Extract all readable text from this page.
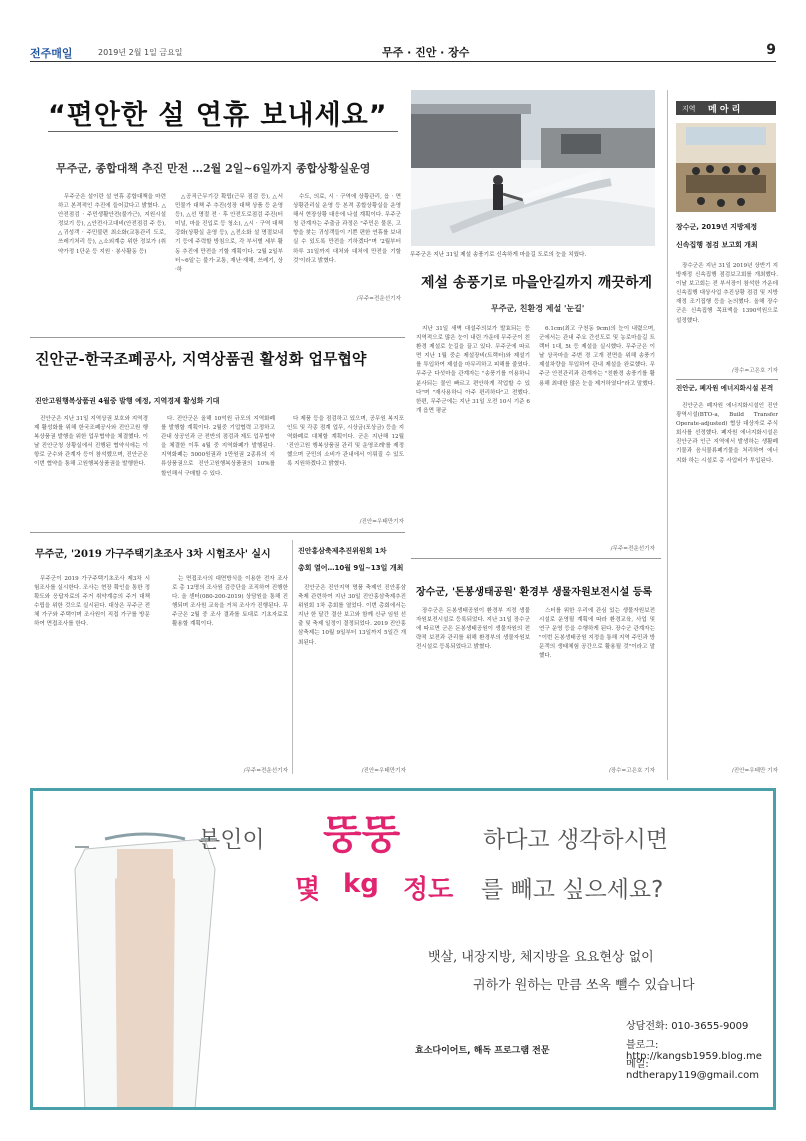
전주매일	2019년 2월 1일 금요일	무주 · 진안 · 장수	9
“편안한 설 연휴 보내세요”
무주군, 종합대책 추진 만전 …2월 2일~6일까지 종합상황실운영

무주군은 설이란 설 연휴 종합대책을 마련하고 본격적인 추진에 들어갔다고 밝혔다. △안전점검 · 주민생활안전(불가근), 지원시설 정보기 등), △안전사고대비(안전점검 주 등), △귀성객 · 주민불편 최소화(교통관리 도로, 쓰레기처리 등), △소외계층 위한 정보가 (취약가정 1단운 등 지원 · 봉사활동 등)

△공직근무기강 확립(근무 점검 등), △서민물가 대책 주 추진(성장 대책 상품 등 운영 등), △선 명절 전 · 후 안전도로점검 주진(터미널, 마을 진입로 등 청소), △시 · 구역 대책 강화(상황실 운영 등), △전소화 설 명절보내기 등에 주력할 방침으로, 각 부서별 세부 활동 추진에 만전을 기할 계획이다. '2월 2일부터~6일'는 불가·교통, 재난·재해, 쓰레기, 상·하

수도, 의료, 시 · 구역에 상황관리, 읍 · 면 상황관리실 운영 등 본격 종합상황실을 운영해서 현장상황 대응에 나설 계획이다. 무주군청 관계자는 주출금 과정은 "주민은 물론, 고향을 찾는 귀성객들이 기쁜 편한 연휴를 보내실 수 있도록 만전을 기하겠다"며 '2월부터 하루 31일까지 대처와 대처에 만전을 기할 것'이라고 밝혔다.

/무주=전운선기자
무주군은 지난 31일 제설 송풍기로 신속하게 마을길 도로의 눈을 치웠다.
제설 송풍기로 마을안길까지 깨끗하게
무주군, 친환경 제설 '눈길'

지난 31일 새벽 대설주의보가 발효되는 등 지역적으로 많은 눈이 내린 가운데 무주군이 친환경 제설로 눈길을 끌고 있다. 무주군에 따르면 지난 1월 중순 제설장비(트랙터)와 제설기를 투입하여 제설을 마무리하고 피해를 줄였다. 무주군 다섯마을 관계자는 "송풍기를 이용하니 분사되는 물인 빠르고 편안하게 작업할 수 있다"며 "재사용하니 아주 편리하다"고 전했다. 한편, 무주군에는 지난 31일 오전 10시 기준 6개 읍면 평균

6.1cm(최고 구천동 9cm)의 눈이 내렸으며, 군에서는 관내 주요 간선도로 및 농로마을길 트랙터 1대, 5t 등 제설을 실시했다. 무주군은 이날 상곡마을 주변 경 고개 전면을 위해 송풍기 제설차량을 투입하여 관내 제설을 완료했다. 무주군 안전관리과 관계자는 "친환경 송풍기를 활용해 최대한 많은 눈을 제거하였다"라고 말했다.

/무주=전운선기자
진안군-한국조폐공사, 지역상품권 활성화 업무협약
진안고원행복상품권 4월중 발행 예정, 지역경제 활성화 기대

진안군은 지난 31일 지역상권 보호와 지역경제 활성화를 위해 한국조폐공사와 진안고원 행복상품권 발행을 위한 업무협약을 체결했다. 이날 진안군청 상황실에서 진행된 협약식에는 이항로 군수와 관계자 등이 참석했으며, 진안군은 이번 협약을 통해 고원행복상품권을 발행한다.

다. 진안군은 올해 10억원 규모의 지역화폐를 발행할 계획이다. 2월중 기업협력 고정하고 관내 상공인과 군 전반의 점검과 제도 업무협약을 체결한 이후 4월 중 지역화폐가 발행된다. 지역화폐는 5000원권과 1만원권 2종류의 지류상품권으로 진안고원행복상품권의 10%를 할인해서 구매할 수 있다.

다 제품 등을 점검하고 있으며, 공무원 복지포인트 및 각종 점계 업무, 시상금(포상금) 등을 지역화폐로 대체할 계획이다. 군은 지난해 12월 '진안고원 행복상품권 관리 및 운영조례'를 제정했으며 군민의 소비가 관내에서 이뤄질 수 있도록 지원하겠다고 밝혔다.

/진안=우태만기자
무주군, '2019 가구주택기초조사 3차 시험조사' 실시

무주군이 2019 가구주택기초조사 제3차 시험조사를 실시한다. 조사는 현장 확인을 통한 정확도와 응답자료의 주거 취약계층의 주거 대책 수립을 위한 것으로 실시된다. 대상은 무주군 전체 가구와 주택이며 조사원이 직접 가구를 방문하여 면접조사를 한다.

는 면접조사의 대면방식을 이용한 전자 조사 로 총 12명의 조사원 검증단을 조직하여 진행한다. 올 센터(080-200-2019) 상담원을 통해 진행되며 조사원 교육을 거쳐 조사가 진행된다. 무주군은 2월 중 조사 결과를 토대로 기초자료로 활용할 계획이다.

/무주=전운선기자
진안홍삼축제추진위원회 1차
총회 열어…10월 9일~13일 개최

진안군은 진안지역 명품 축제인 진안홍삼축제 관련하여 지난 30일 진안홍삼축제추진위원회 1차 총회를 열었다. 이번 총회에서는 지난 한 달간 결산 보고와 함께 신규 임원 선출 및 축제 일정이 결정되었다. 2019 진안홍삼축제는 10월 9일부터 13일까지 5일간 개최된다.

/진안=우태만기자
장수군, '돈봉생태공원' 환경부 생물자원보전시설 등록

장수군은 돈봉생태공원이 환경부 지정 생물자원보전시설로 등록되었다. 지난 31일 장수군에 따르면 군은 돈봉생태공원이 생물자원의 전략적 보전과 관리를 위해 환경부의 생물자원보전시설로 등록되었다고 밝혔다.

스터를 위한 우리에 관심 있는 생물자원보전시설로 운영될 계획에 따라 환경교육, 사업 및 연구 운영 등을 수행하게 된다. 장수군 관계자는 "이번 돈봉생태공원 지정을 통해 지역 주민과 방문객의 생태체험 공간으로 활용될 것"이라고 말했다.

/장수=고은호 기자
지역 메 아 리
장수군, 2019년 지방제정
신속집행 점검 보고회 개최

장수군은 지난 31일 2019년 상반기 지방재정 신속집행 점검보고회를 개최했다. 이날 보고회는 전 부서장이 참석한 가운데 신속집행 대상사업 추진상황 점검 및 지방재정 조기집행 등을 논의했다. 올해 장수군은 신속집행 목표액을 1390억원으로 설정했다.

/장수=고은호 기자
진안군, 폐자원 에너지화시설 본격

진안군은 폐자원 에너지화시설인 진안광역시설(BTO-a, Build Transfer Operate-adjusted) 협상 대상자로 주식회사를 선정했다. 폐자원 에너지화시설은 진안군과 인근 지역에서 발생하는 생활폐기물과 음식물류폐기물을 처리하여 에너지화 하는 시설로 총 사업비가 투입된다.

/진안=우태만 기자
본인이 뚱뚱	하다고 생각하시면
몇 kg 정도 를 빼고 싶으세요?
뱃살, 내장지방, 체지방을 요요현상 없이
귀하가 원하는 만큼 쏘옥 뺄수 있습니다
효소다이어트, 해독 프로그램 전문
상담전화: 010-3655-9009
블로그: http://kangsb1959.blog.me
메일: ndtherapy119@gmail.com
